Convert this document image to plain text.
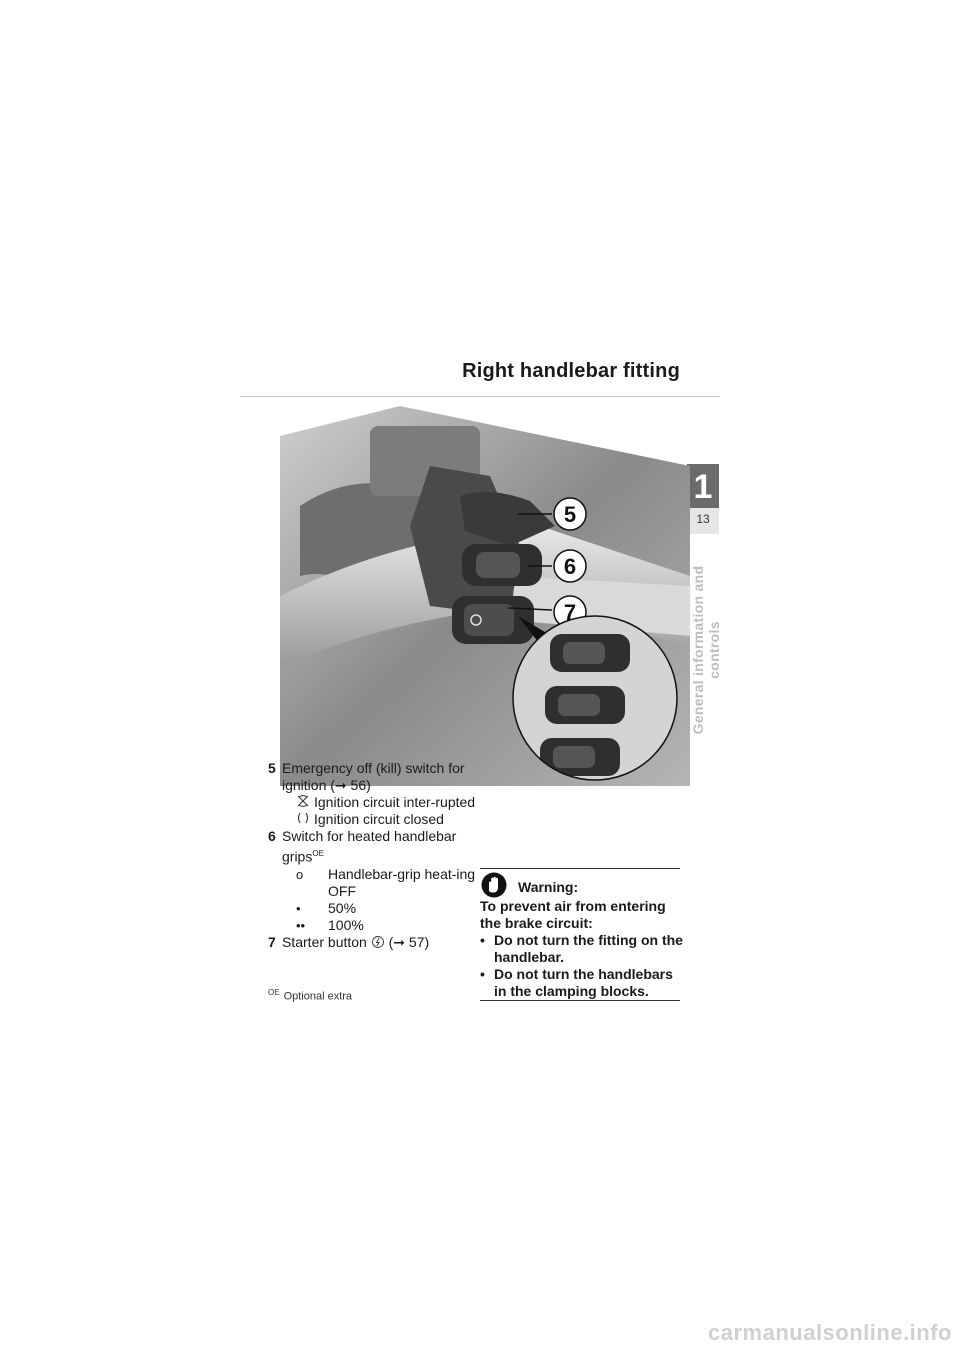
Right handlebar fitting
1
13
General information and controls
5
6
7
5 Emergency off (kill) switch for ignition (➞ 56)
Ignition circuit inter-rupted
Ignition circuit closed
6 Switch for heated handlebar grips$^{OE}$
o	Handlebar-grip heat-ing OFF
•	50%
••	100%
7 Starter button (➞ 57)
$^{OE}$ Optional extra
Warning:
To prevent air from entering the brake circuit:
• Do not turn the fitting on the handlebar.
• Do not turn the handlebars in the clamping blocks.
carmanualsonline.info
